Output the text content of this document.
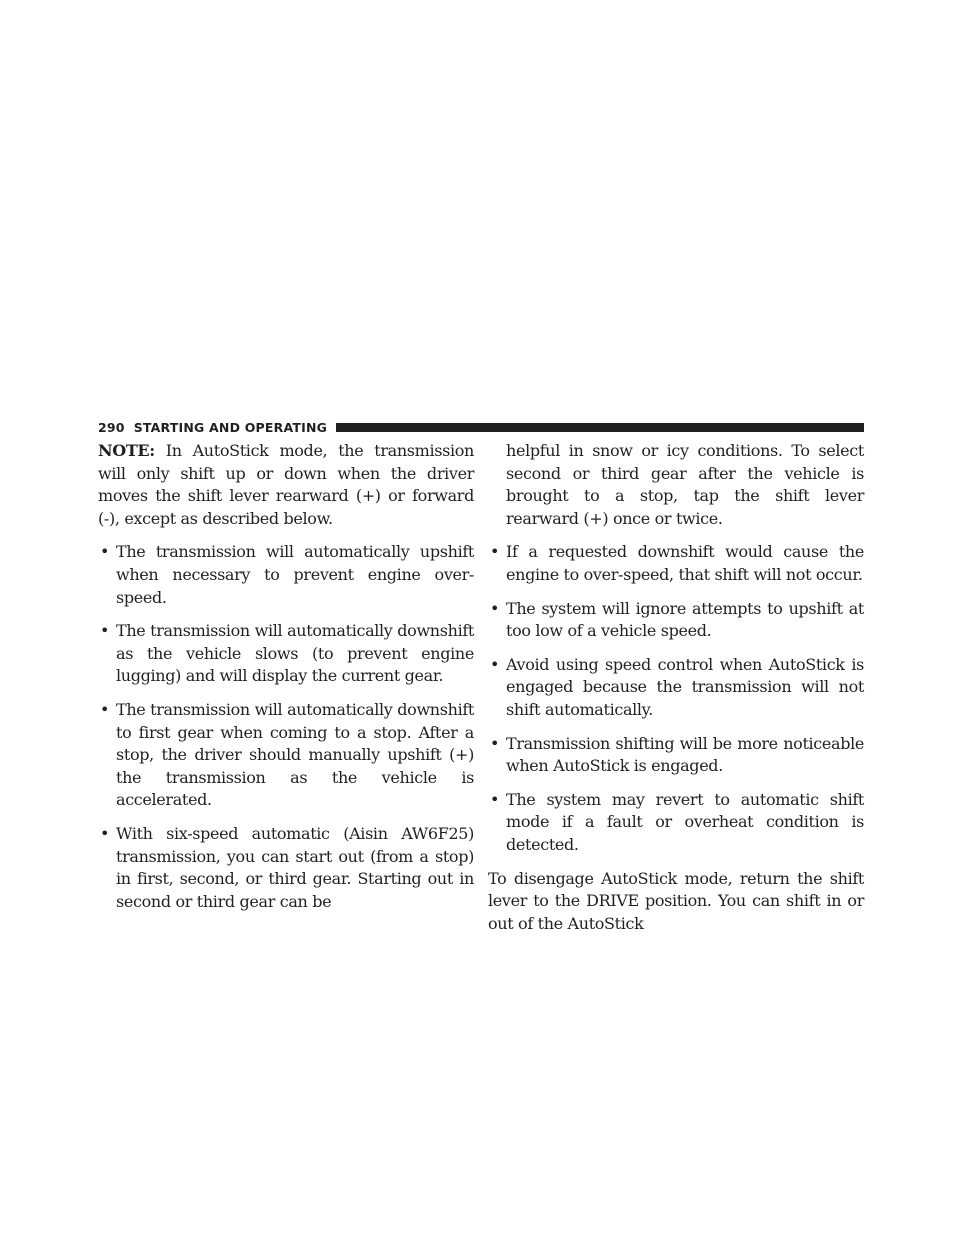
290 STARTING AND OPERATING

NOTE: In AutoStick mode, the transmission will only shift up or down when the driver moves the shift lever rearward (+) or forward (-), except as described below.

• The transmission will automatically upshift when necessary to prevent engine over-speed.
• The transmission will automatically downshift as the vehicle slows (to prevent engine lugging) and will display the current gear.
• The transmission will automatically downshift to first gear when coming to a stop. After a stop, the driver should manually upshift (+) the transmission as the vehicle is accelerated.
• With six-speed automatic (Aisin AW6F25) transmission, you can start out (from a stop) in first, second, or third gear. Starting out in second or third gear can be
helpful in snow or icy conditions. To select second or third gear after the vehicle is brought to a stop, tap the shift lever rearward (+) once or twice.
• If a requested downshift would cause the engine to over-speed, that shift will not occur.
• The system will ignore attempts to upshift at too low of a vehicle speed.
• Avoid using speed control when AutoStick is engaged because the transmission will not shift automatically.
• Transmission shifting will be more noticeable when AutoStick is engaged.
• The system may revert to automatic shift mode if a fault or overheat condition is detected.

To disengage AutoStick mode, return the shift lever to the DRIVE position. You can shift in or out of the AutoStick
